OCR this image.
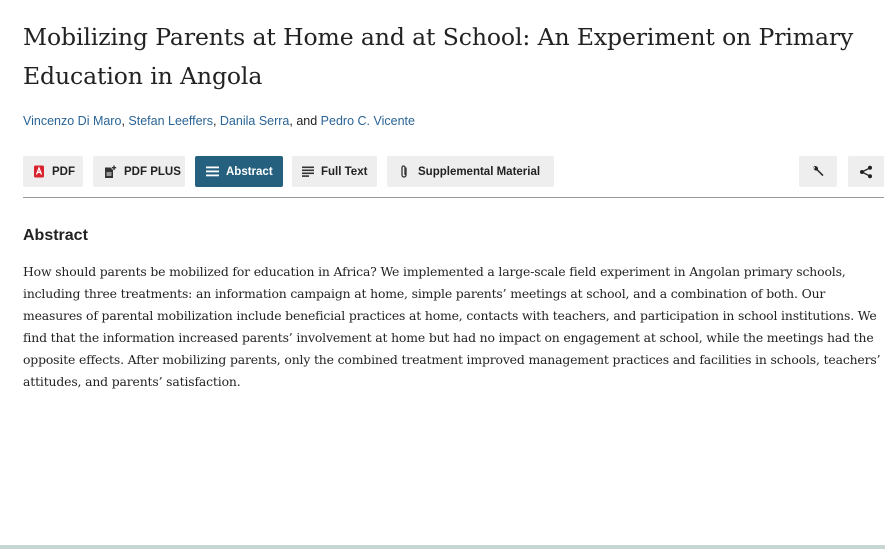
Mobilizing Parents at Home and at School: An Experiment on Primary Education in Angola
Vincenzo Di Maro, Stefan Leeffers, Danila Serra, and Pedro C. Vicente
PDF	PDF PLUS	Abstract	Full Text	Supplemental Material
Abstract

How should parents be mobilized for education in Africa? We implemented a large-scale field experiment in Angolan primary schools, including three treatments: an information campaign at home, simple parents’ meetings at school, and a combination of both. Our measures of parental mobilization include beneficial practices at home, contacts with teachers, and participation in school institutions. We find that the information increased parents’ involvement at home but had no impact on engagement at school, while the meetings had the opposite effects. After mobilizing parents, only the combined treatment improved management practices and facilities in schools, teachers’ attitudes, and parents’ satisfaction.
